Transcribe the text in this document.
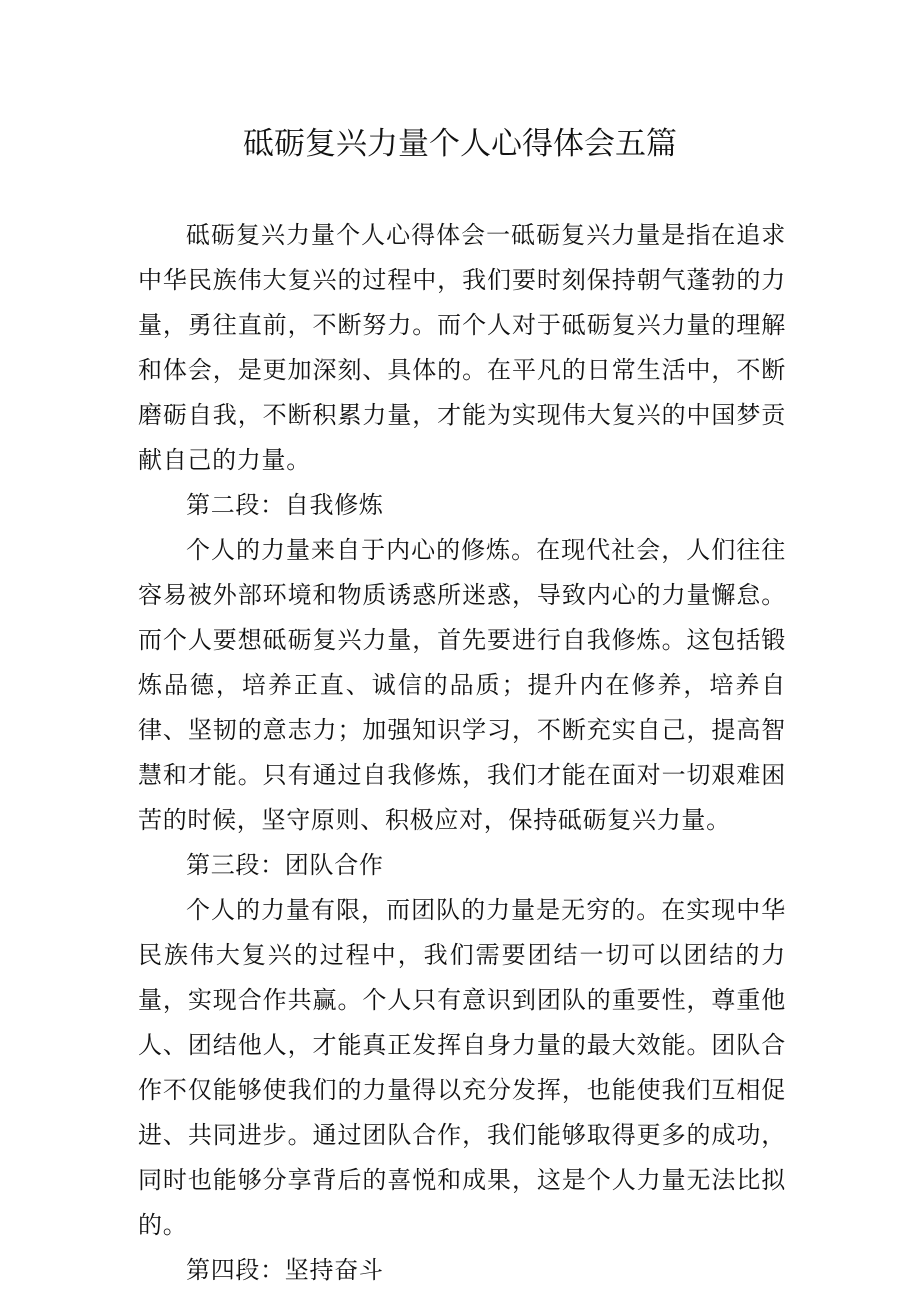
砥砺复兴力量个人心得体会五篇

砥砺复兴力量个人心得体会一砥砺复兴力量是指在追求中华民族伟大复兴的过程中，我们要时刻保持朝气蓬勃的力量，勇往直前，不断努力。而个人对于砥砺复兴力量的理解和体会，是更加深刻、具体的。在平凡的日常生活中，不断磨砺自我，不断积累力量，才能为实现伟大复兴的中国梦贡献自己的力量。

第二段：自我修炼

个人的力量来自于内心的修炼。在现代社会，人们往往容易被外部环境和物质诱惑所迷惑，导致内心的力量懈怠。而个人要想砥砺复兴力量，首先要进行自我修炼。这包括锻炼品德，培养正直、诚信的品质；提升内在修养，培养自律、坚韧的意志力；加强知识学习，不断充实自己，提高智慧和才能。只有通过自我修炼，我们才能在面对一切艰难困苦的时候，坚守原则、积极应对，保持砥砺复兴力量。

第三段：团队合作

个人的力量有限，而团队的力量是无穷的。在实现中华民族伟大复兴的过程中，我们需要团结一切可以团结的力量，实现合作共赢。个人只有意识到团队的重要性，尊重他人、团结他人，才能真正发挥自身力量的最大效能。团队合作不仅能够使我们的力量得以充分发挥，也能使我们互相促进、共同进步。通过团队合作，我们能够取得更多的成功，同时也能够分享背后的喜悦和成果，这是个人力量无法比拟的。

第四段：坚持奋斗
